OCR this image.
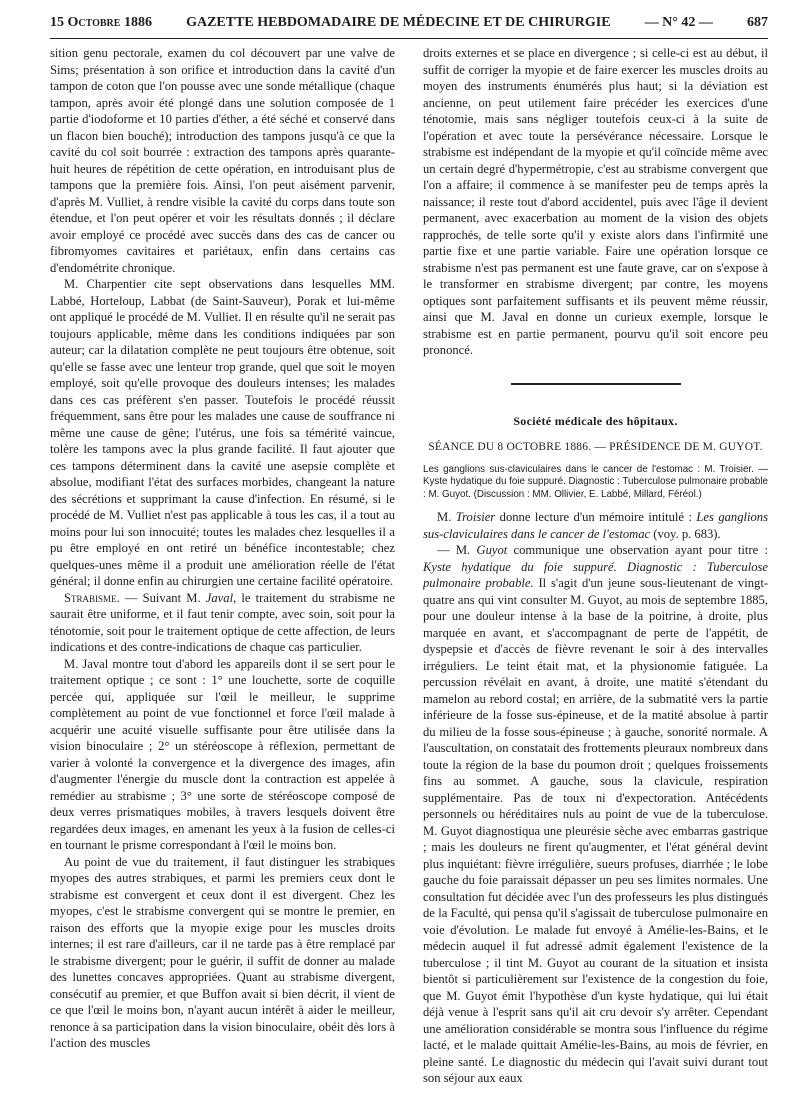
15 Octobre 1886 GAZETTE HEBDOMADAIRE DE MÉDECINE ET DE CHIRURGIE — N° 42 — 687

sition genu pectorale, examen du col découvert par une valve de Sims; présentation à son orifice et introduction dans la cavité d'un tampon de coton que l'on pousse avec une sonde métallique (chaque tampon, après avoir été plongé dans une solution composée de 1 partie d'iodoforme et 10 parties d'éther, a été séché et conservé dans un flacon bien bouché); introduction des tampons jusqu'à ce que la cavité du col soit bourrée : extraction des tampons après quarante-huit heures de répétition de cette opération, en introduisant plus de tampons que la première fois. Ainsi, l'on peut aisément parvenir, d'après M. Vulliet, à rendre visible la cavité du corps dans toute son étendue, et l'on peut opérer et voir les résultats donnés ; il déclare avoir employé ce procédé avec succès dans des cas de cancer ou fibromyomes cavitaires et pariétaux, enfin dans certains cas d'endométrite chronique.

M. Charpentier cite sept observations dans lesquelles MM. Labbé, Horteloup, Labbat (de Saint-Sauveur), Porak et lui-même ont appliqué le procédé de M. Vulliet. Il en résulte qu'il ne serait pas toujours applicable, même dans les conditions indiquées par son auteur; car la dilatation complète ne peut toujours être obtenue, soit qu'elle se fasse avec une lenteur trop grande, quel que soit le moyen employé, soit qu'elle provoque des douleurs intenses; les malades dans ces cas préfèrent s'en passer. Toutefois le procédé réussit fréquemment, sans être pour les malades une cause de souffrance ni même une cause de gêne; l'utérus, une fois sa témérité vaincue, tolère les tampons avec la plus grande facilité. Il faut ajouter que ces tampons déterminent dans la cavité une asepsie complète et absolue, modifiant l'état des surfaces morbides, changeant la nature des sécrétions et supprimant la cause d'infection. En résumé, si le procédé de M. Vulliet n'est pas applicable à tous les cas, il a tout au moins pour lui son innocuité; toutes les malades chez lesquelles il a pu être employé en ont retiré un bénéfice incontestable; chez quelques-unes même il a produit une amélioration réelle de l'état général; il donne enfin au chirurgien une certaine facilité opératoire.

Strabisme. — Suivant M. Javal, le traitement du strabisme ne saurait être uniforme, et il faut tenir compte, avec soin, soit pour la ténotomie, soit pour le traitement optique de cette affection, de leurs indications et des contre-indications de chaque cas particulier.

M. Javal montre tout d'abord les appareils dont il se sert pour le traitement optique ; ce sont : 1° une louchette, sorte de coquille percée qui, appliquée sur l'œil le meilleur, le supprime complètement au point de vue fonctionnel et force l'œil malade à acquérir une acuité visuelle suffisante pour être utilisée dans la vision binoculaire ; 2° un stéréoscope à réflexion, permettant de varier à volonté la convergence et la divergence des images, afin d'augmenter l'énergie du muscle dont la contraction est appelée à remédier au strabisme ; 3° une sorte de stéréoscope composé de deux verres prismatiques mobiles, à travers lesquels doivent être regardées deux images, en amenant les yeux à la fusion de celles-ci en tournant le prisme correspondant à l'œil le moins bon.

Au point de vue du traitement, il faut distinguer les strabiques myopes des autres strabiques, et parmi les premiers ceux dont le strabisme est convergent et ceux dont il est divergent. Chez les myopes, c'est le strabisme convergent qui se montre le premier, en raison des efforts que la myopie exige pour les muscles droits internes; il est rare d'ailleurs, car il ne tarde pas à être remplacé par le strabisme divergent; pour le guérir, il suffit de donner au malade des lunettes concaves appropriées. Quant au strabisme divergent, consécutif au premier, et que Buffon avait si bien décrit, il vient de ce que l'œil le moins bon, n'ayant aucun intérêt à aider le meilleur, renonce à sa participation dans la vision binoculaire, obéit dès lors à l'action des muscles

droits externes et se place en divergence ; si celle-ci est au début, il suffit de corriger la myopie et de faire exercer les muscles droits au moyen des instruments énumérés plus haut; si la déviation est ancienne, on peut utilement faire précéder les exercices d'une ténotomie, mais sans négliger toutefois ceux-ci à la suite de l'opération et avec toute la persévérance nécessaire. Lorsque le strabisme est indépendant de la myopie et qu'il coïncide même avec un certain degré d'hypermétropie, c'est au strabisme convergent que l'on a affaire; il commence à se manifester peu de temps après la naissance; il reste tout d'abord accidentel, puis avec l'âge il devient permanent, avec exacerbation au moment de la vision des objets rapprochés, de telle sorte qu'il y existe alors dans l'infirmité une partie fixe et une partie variable. Faire une opération lorsque ce strabisme n'est pas permanent est une faute grave, car on s'expose à le transformer en strabisme divergent; par contre, les moyens optiques sont parfaitement suffisants et ils peuvent même réussir, ainsi que M. Javal en donne un curieux exemple, lorsque le strabisme est en partie permanent, pourvu qu'il soit encore peu prononcé.

Société médicale des hôpitaux.
SÉANCE DU 8 OCTOBRE 1886. — PRÉSIDENCE DE M. GUYOT.
Les ganglions sus-claviculaires dans le cancer de l'estomac : M. Troisier. — Kyste hydatique du foie suppuré. Diagnostic : Tuberculose pulmonaire probable : M. Guyot. (Discussion : MM. Ollivier, E. Labbé, Millard, Féréol.)

M. Troisier donne lecture d'un mémoire intitulé : Les ganglions sus-claviculaires dans le cancer de l'estomac (voy. p. 683).

— M. Guyot communique une observation ayant pour titre : Kyste hydatique du foie suppuré. Diagnostic : Tuberculose pulmonaire probable. Il s'agit d'un jeune sous-lieutenant de vingt-quatre ans qui vint consulter M. Guyot, au mois de septembre 1885, pour une douleur intense à la base de la poitrine, à droite, plus marquée en avant, et s'accompagnant de perte de l'appétit, de dyspepsie et d'accès de fièvre revenant le soir à des intervalles irréguliers. Le teint était mat, et la physionomie fatiguée. La percussion révélait en avant, à droite, une matité s'étendant du mamelon au rebord costal; en arrière, de la submatité vers la partie inférieure de la fosse sus-épineuse, et de la matité absolue à partir du milieu de la fosse sous-épineuse ; à gauche, sonorité normale. A l'auscultation, on constatait des frottements pleuraux nombreux dans toute la région de la base du poumon droit ; quelques froissements fins au sommet. A gauche, sous la clavicule, respiration supplémentaire. Pas de toux ni d'expectoration. Antécédents personnels ou héréditaires nuls au point de vue de la tuberculose. M. Guyot diagnostiqua une pleurésie sèche avec embarras gastrique ; mais les douleurs ne firent qu'augmenter, et l'état général devint plus inquiétant: fièvre irrégulière, sueurs profuses, diarrhée ; le lobe gauche du foie paraissait dépasser un peu ses limites normales. Une consultation fut décidée avec l'un des professeurs les plus distingués de la Faculté, qui pensa qu'il s'agissait de tuberculose pulmonaire en voie d'évolution. Le malade fut envoyé à Amélie-les-Bains, et le médecin auquel il fut adressé admit également l'existence de la tuberculose ; il tint M. Guyot au courant de la situation et insista bientôt si particulièrement sur l'existence de la congestion du foie, que M. Guyot émit l'hypothèse d'un kyste hydatique, qui lui était déjà venue à l'esprit sans qu'il ait cru devoir s'y arrêter. Cependant une amélioration considérable se montra sous l'influence du régime lacté, et le malade quittait Amélie-les-Bains, au mois de février, en pleine santé. Le diagnostic du médecin qui l'avait suivi durant tout son séjour aux eaux
